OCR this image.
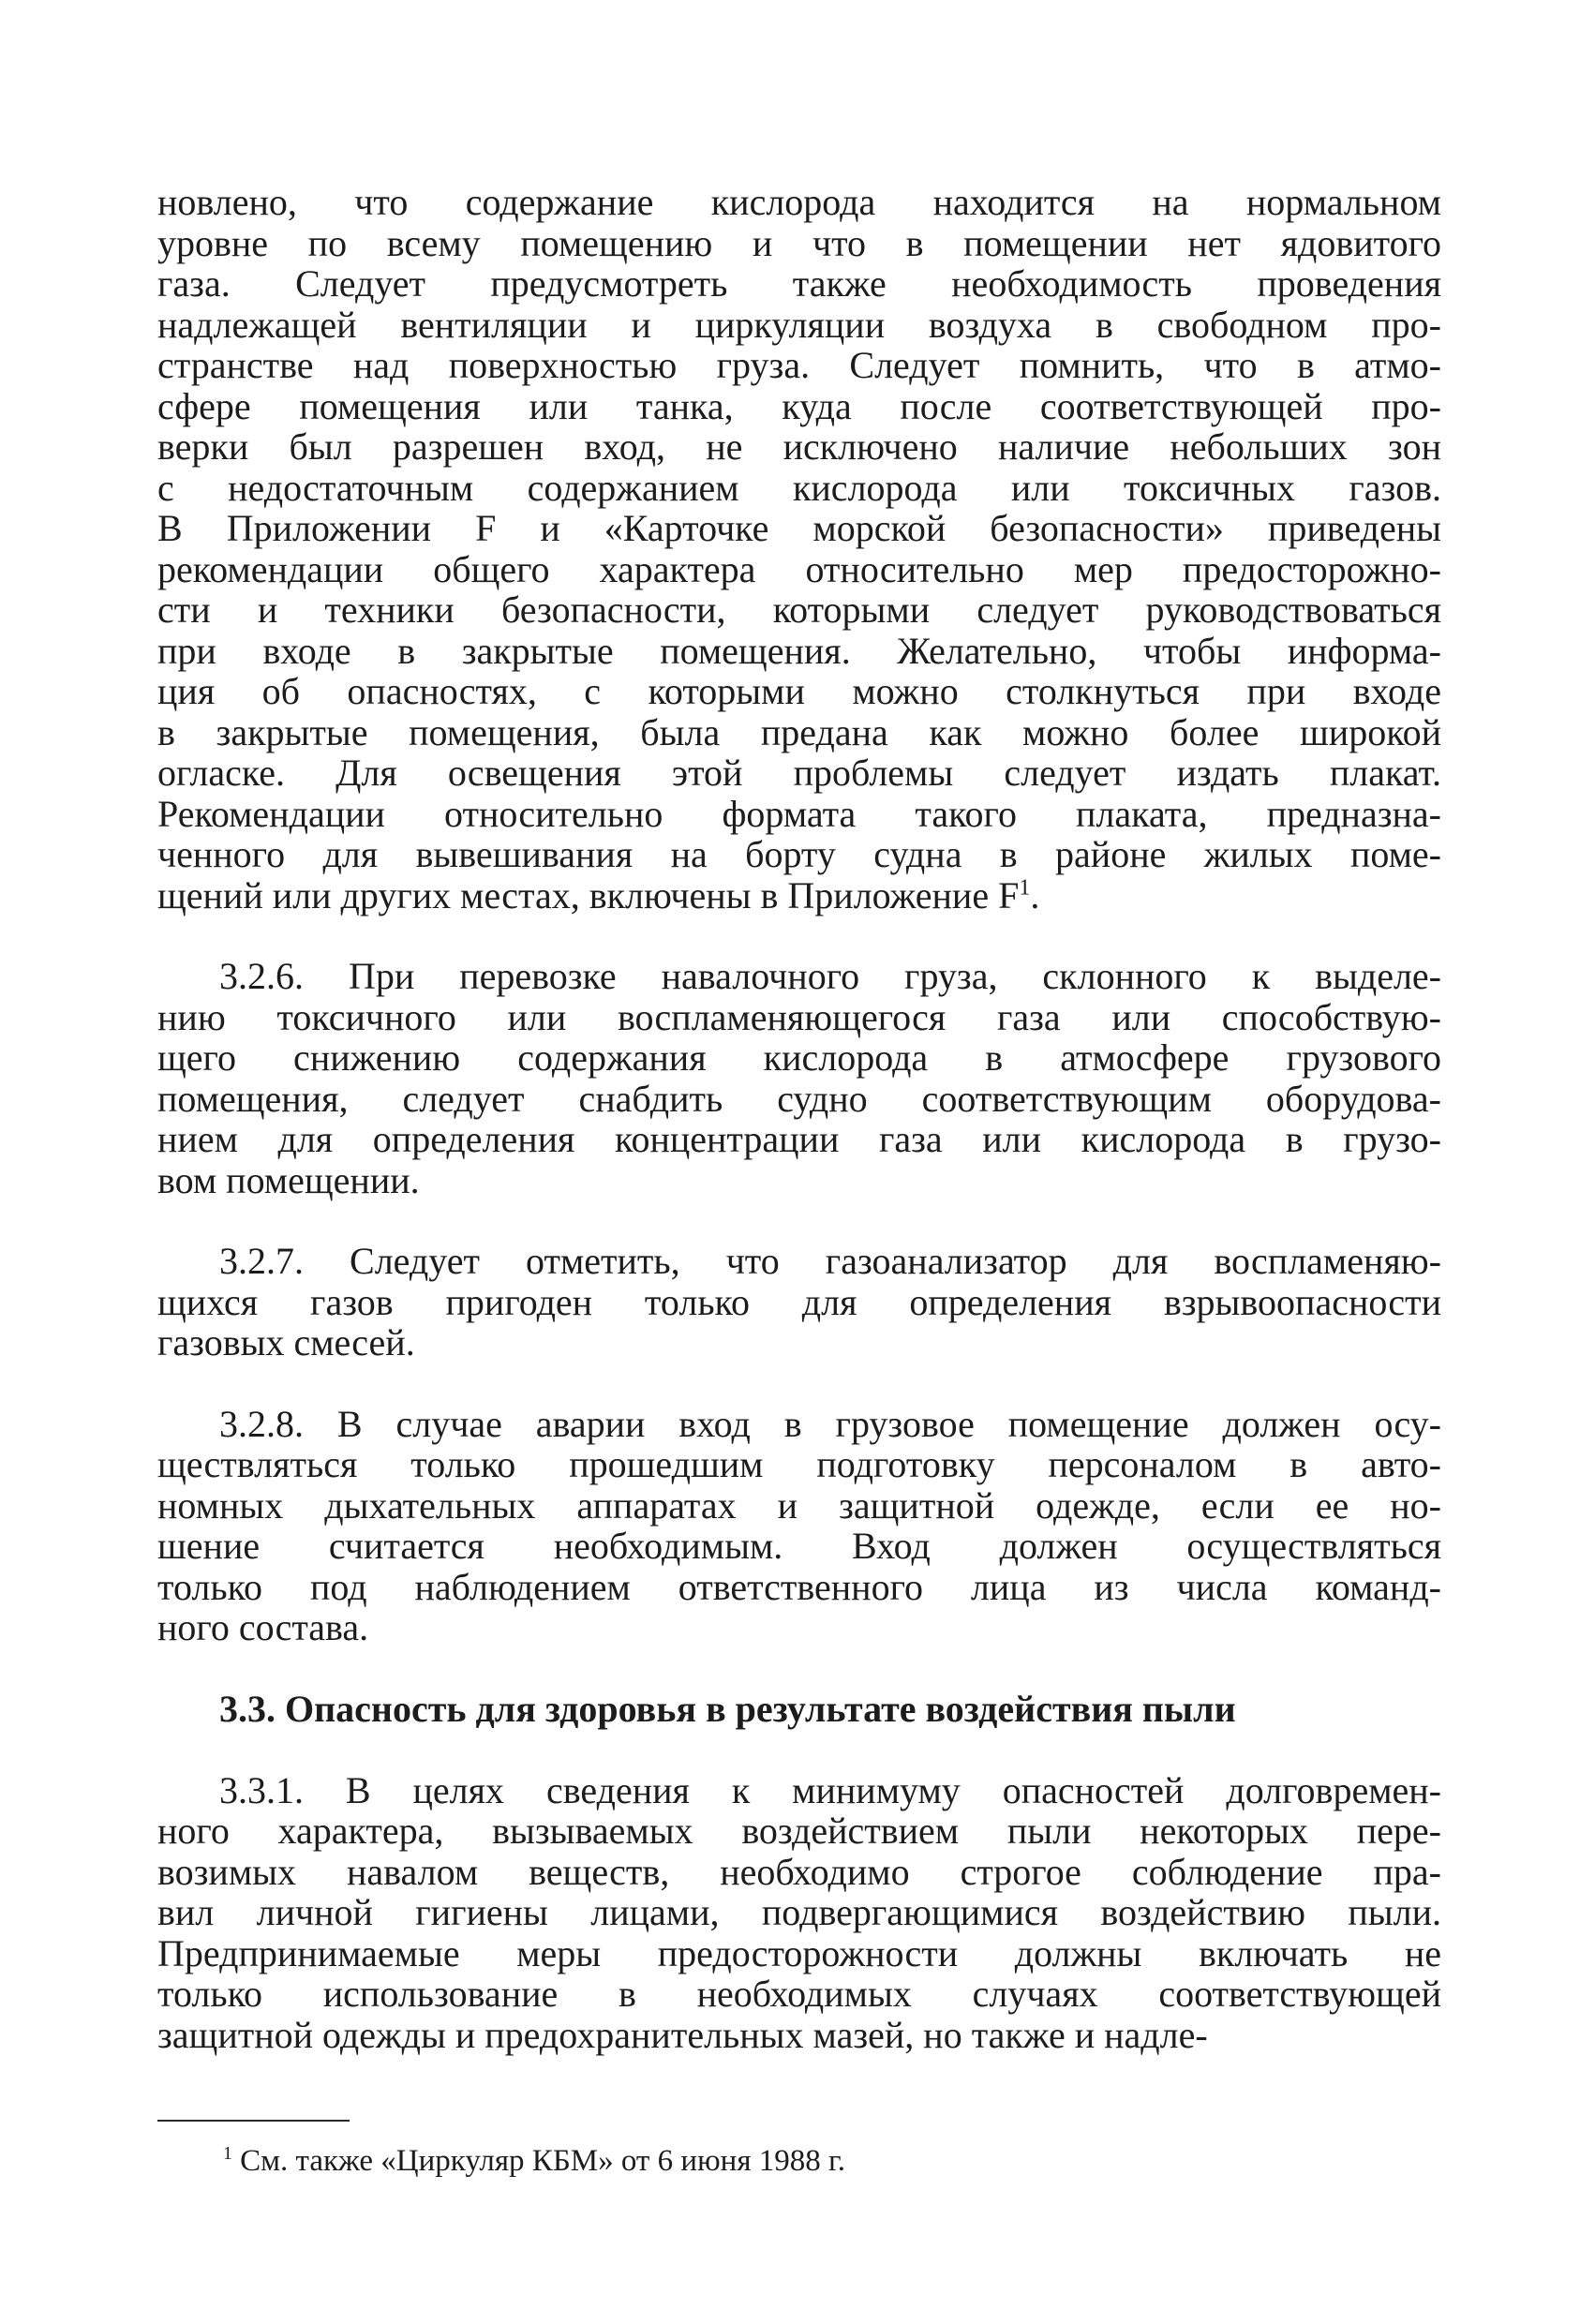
новлено, что содержание кислорода находится на нормальном
уровне по всему помещению и что в помещении нет ядовитого
газа. Следует предусмотреть также необходимость проведения
надлежащей вентиляции и циркуляции воздуха в свободном про-
странстве над поверхностью груза. Следует помнить, что в атмо-
сфере помещения или танка, куда после соответствующей про-
верки был разрешен вход, не исключено наличие небольших зон
с недостаточным содержанием кислорода или токсичных газов.
В Приложении F и «Карточке морской безопасности» приведены
рекомендации общего характера относительно мер предосторожно-
сти и техники безопасности, которыми следует руководствоваться
при входе в закрытые помещения. Желательно, чтобы информа-
ция об опасностях, с которыми можно столкнуться при входе
в закрытые помещения, была предана как можно более широкой
огласке. Для освещения этой проблемы следует издать плакат.
Рекомендации относительно формата такого плаката, предназна-
ченного для вывешивания на борту судна в районе жилых поме-
щений или других местах, включены в Приложение $F^1$.
3.2.6. При перевозке навалочного груза, склонного к выделе-
нию токсичного или воспламеняющегося газа или способствую-
щего снижению содержания кислорода в атмосфере грузового
помещения, следует снабдить судно соответствующим оборудова-
нием для определения концентрации газа или кислорода в грузо-
вом помещении.
3.2.7. Следует отметить, что газоанализатор для воспламеняю-
щихся газов пригоден только для определения взрывоопасности
газовых смесей.
3.2.8. В случае аварии вход в грузовое помещение должен осу-
ществляться только прошедшим подготовку персоналом в авто-
номных дыхательных аппаратах и защитной одежде, если ее но-
шение считается необходимым. Вход должен осуществляться
только под наблюдением ответственного лица из числа команд-
ного состава.
3.3. Опасность для здоровья в результате воздействия пыли
3.3.1. В целях сведения к минимуму опасностей долговремен-
ного характера, вызываемых воздействием пыли некоторых пере-
возимых навалом веществ, необходимо строгое соблюдение пра-
вил личной гигиены лицами, подвергающимися воздействию пыли.
Предпринимаемые меры предосторожности должны включать не
только использование в необходимых случаях соответствующей
защитной одежды и предохранительных мазей, но также и надле-
$^1$ См. также «Циркуляр КБМ» от 6 июня 1988 г.
